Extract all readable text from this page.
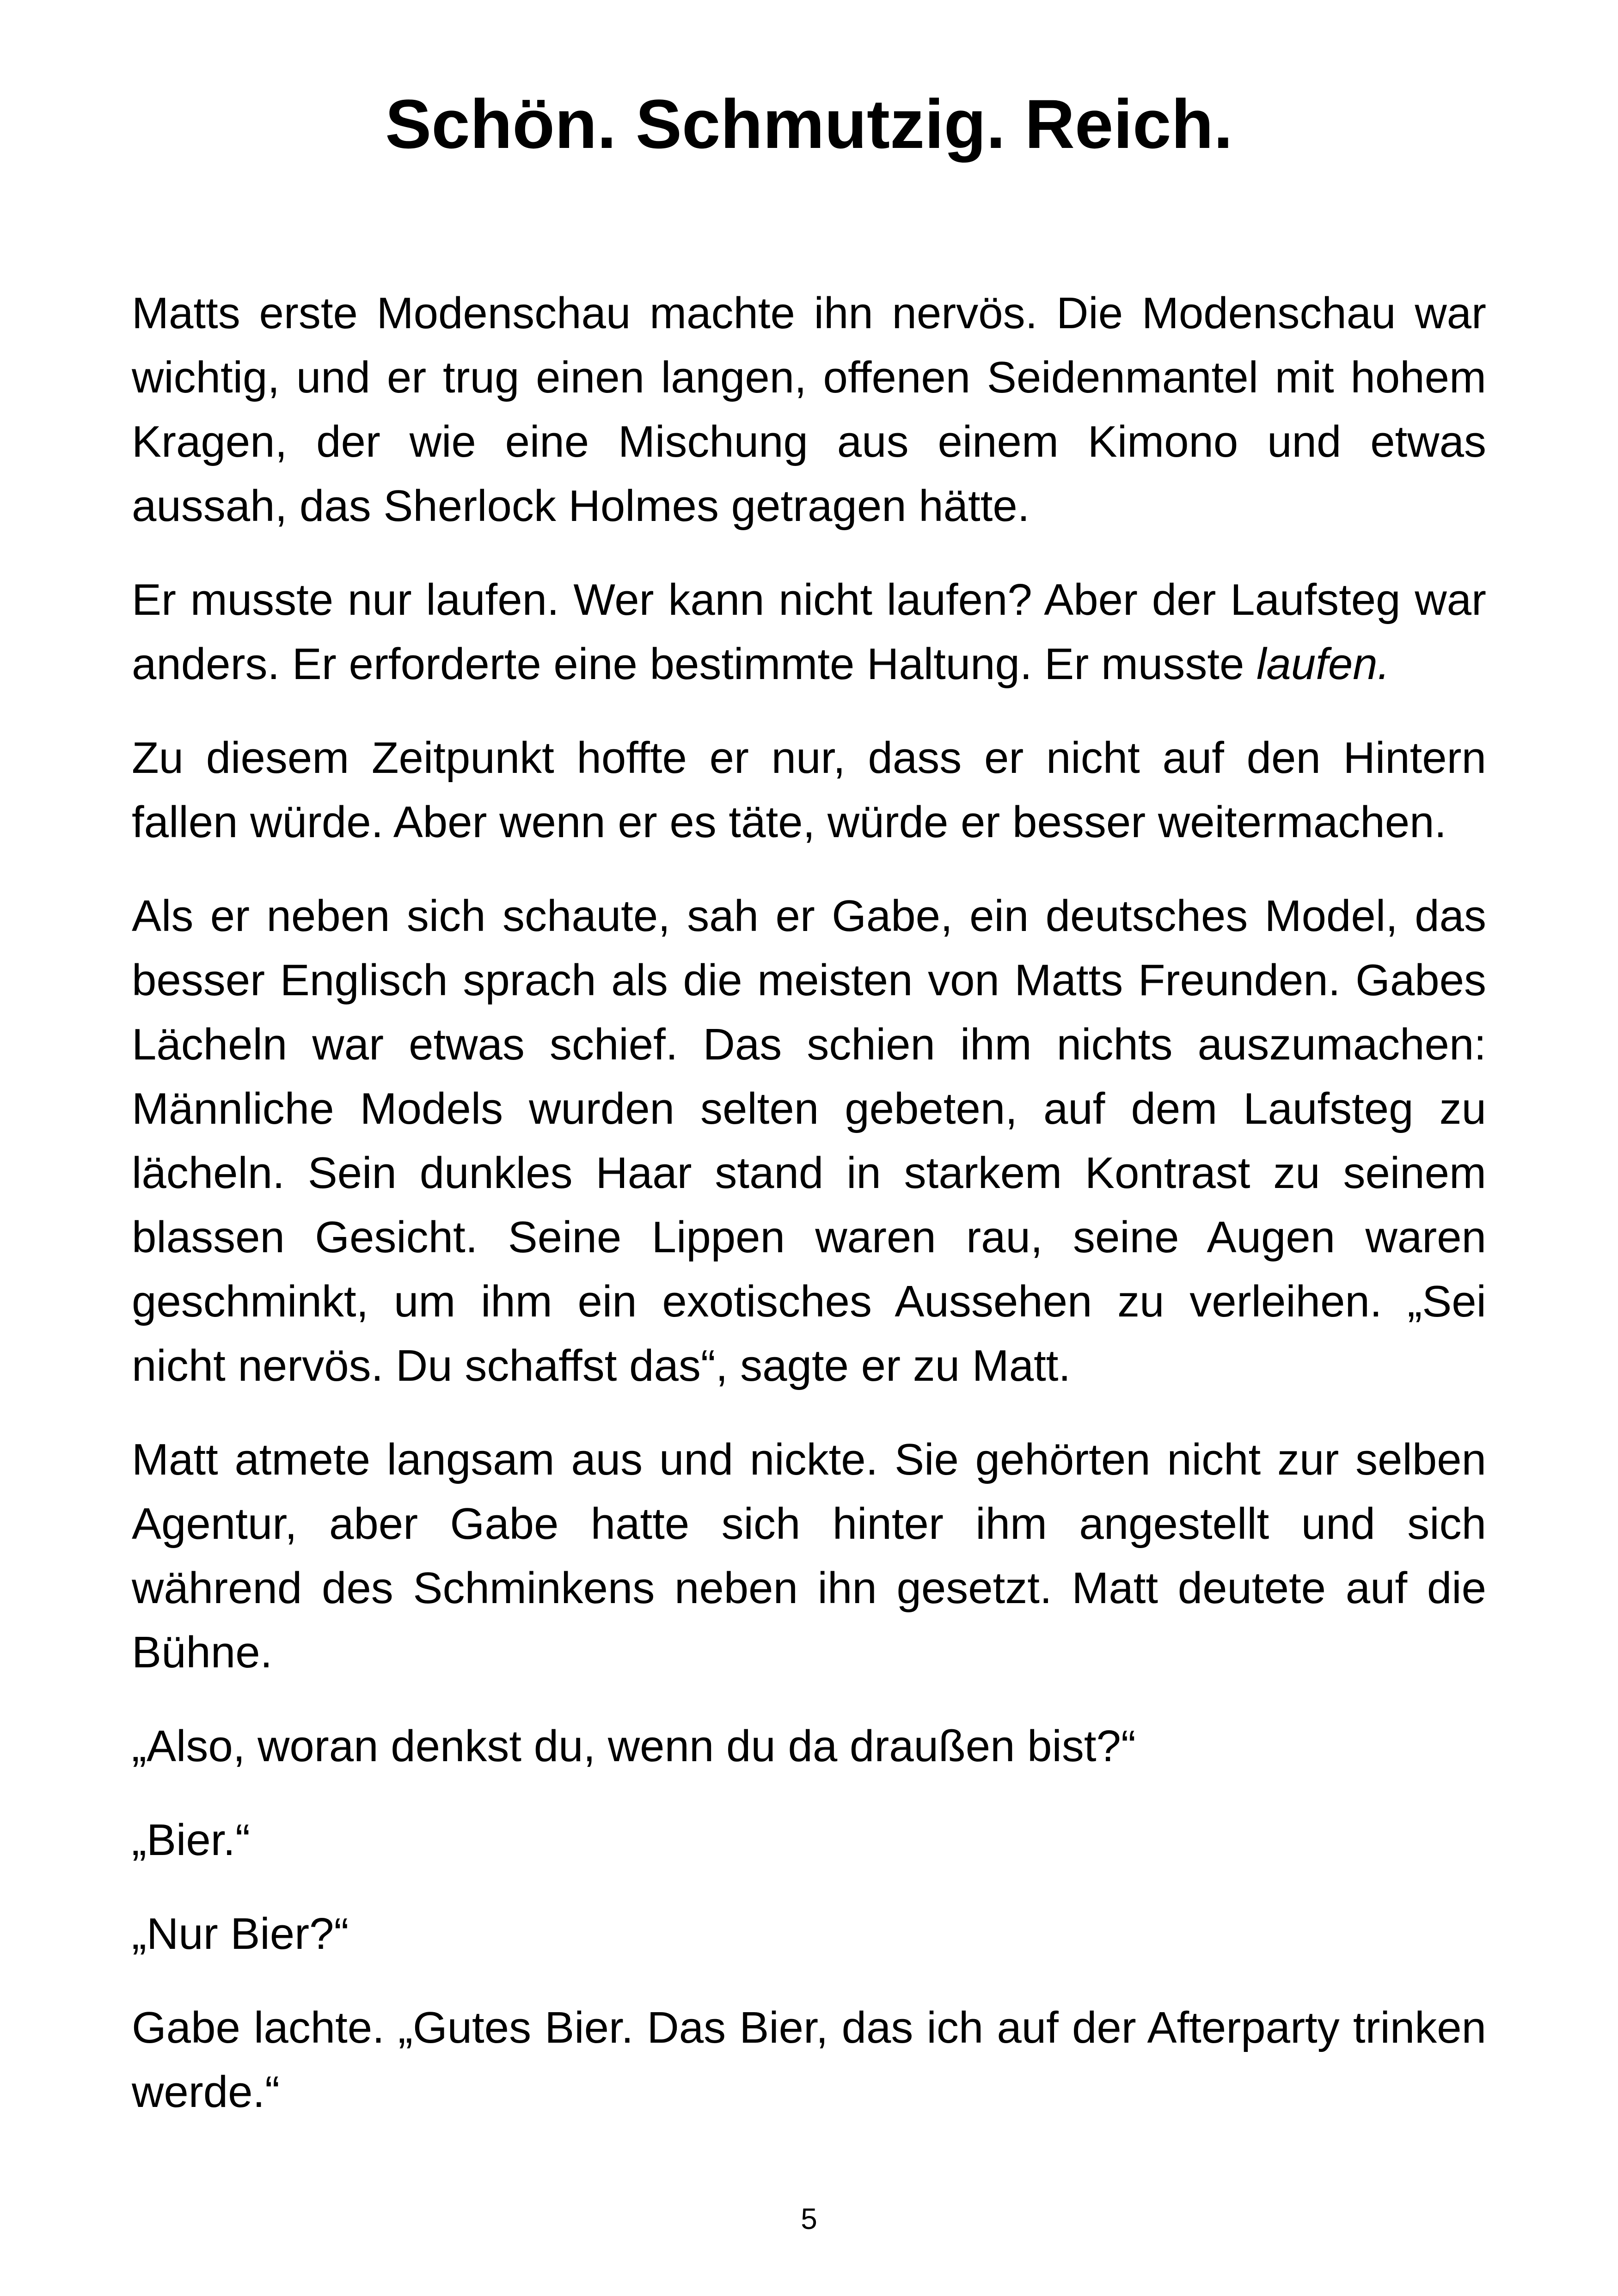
Schön. Schmutzig. Reich.

Matts erste Modenschau machte ihn nervös. Die Modenschau war wichtig, und er trug einen langen, offenen Seidenmantel mit hohem Kragen, der wie eine Mischung aus einem Kimono und etwas aussah, das Sherlock Holmes getragen hätte.

Er musste nur laufen. Wer kann nicht laufen? Aber der Laufsteg war anders. Er erforderte eine bestimmte Haltung. Er musste laufen.

Zu diesem Zeitpunkt hoffte er nur, dass er nicht auf den Hintern fallen würde. Aber wenn er es täte, würde er besser weitermachen.

Als er neben sich schaute, sah er Gabe, ein deutsches Model, das besser Englisch sprach als die meisten von Matts Freunden. Gabes Lächeln war etwas schief. Das schien ihm nichts auszumachen: Männliche Models wurden selten gebeten, auf dem Laufsteg zu lächeln. Sein dunkles Haar stand in starkem Kontrast zu seinem blassen Gesicht. Seine Lippen waren rau, seine Augen waren geschminkt, um ihm ein exotisches Aussehen zu verleihen. „Sei nicht nervös. Du schaffst das“, sagte er zu Matt.

Matt atmete langsam aus und nickte. Sie gehörten nicht zur selben Agentur, aber Gabe hatte sich hinter ihm angestellt und sich während des Schminkens neben ihn gesetzt. Matt deutete auf die Bühne.

„Also, woran denkst du, wenn du da draußen bist?“

„Bier.“

„Nur Bier?“

Gabe lachte. „Gutes Bier. Das Bier, das ich auf der Afterparty trinken werde.“

5
